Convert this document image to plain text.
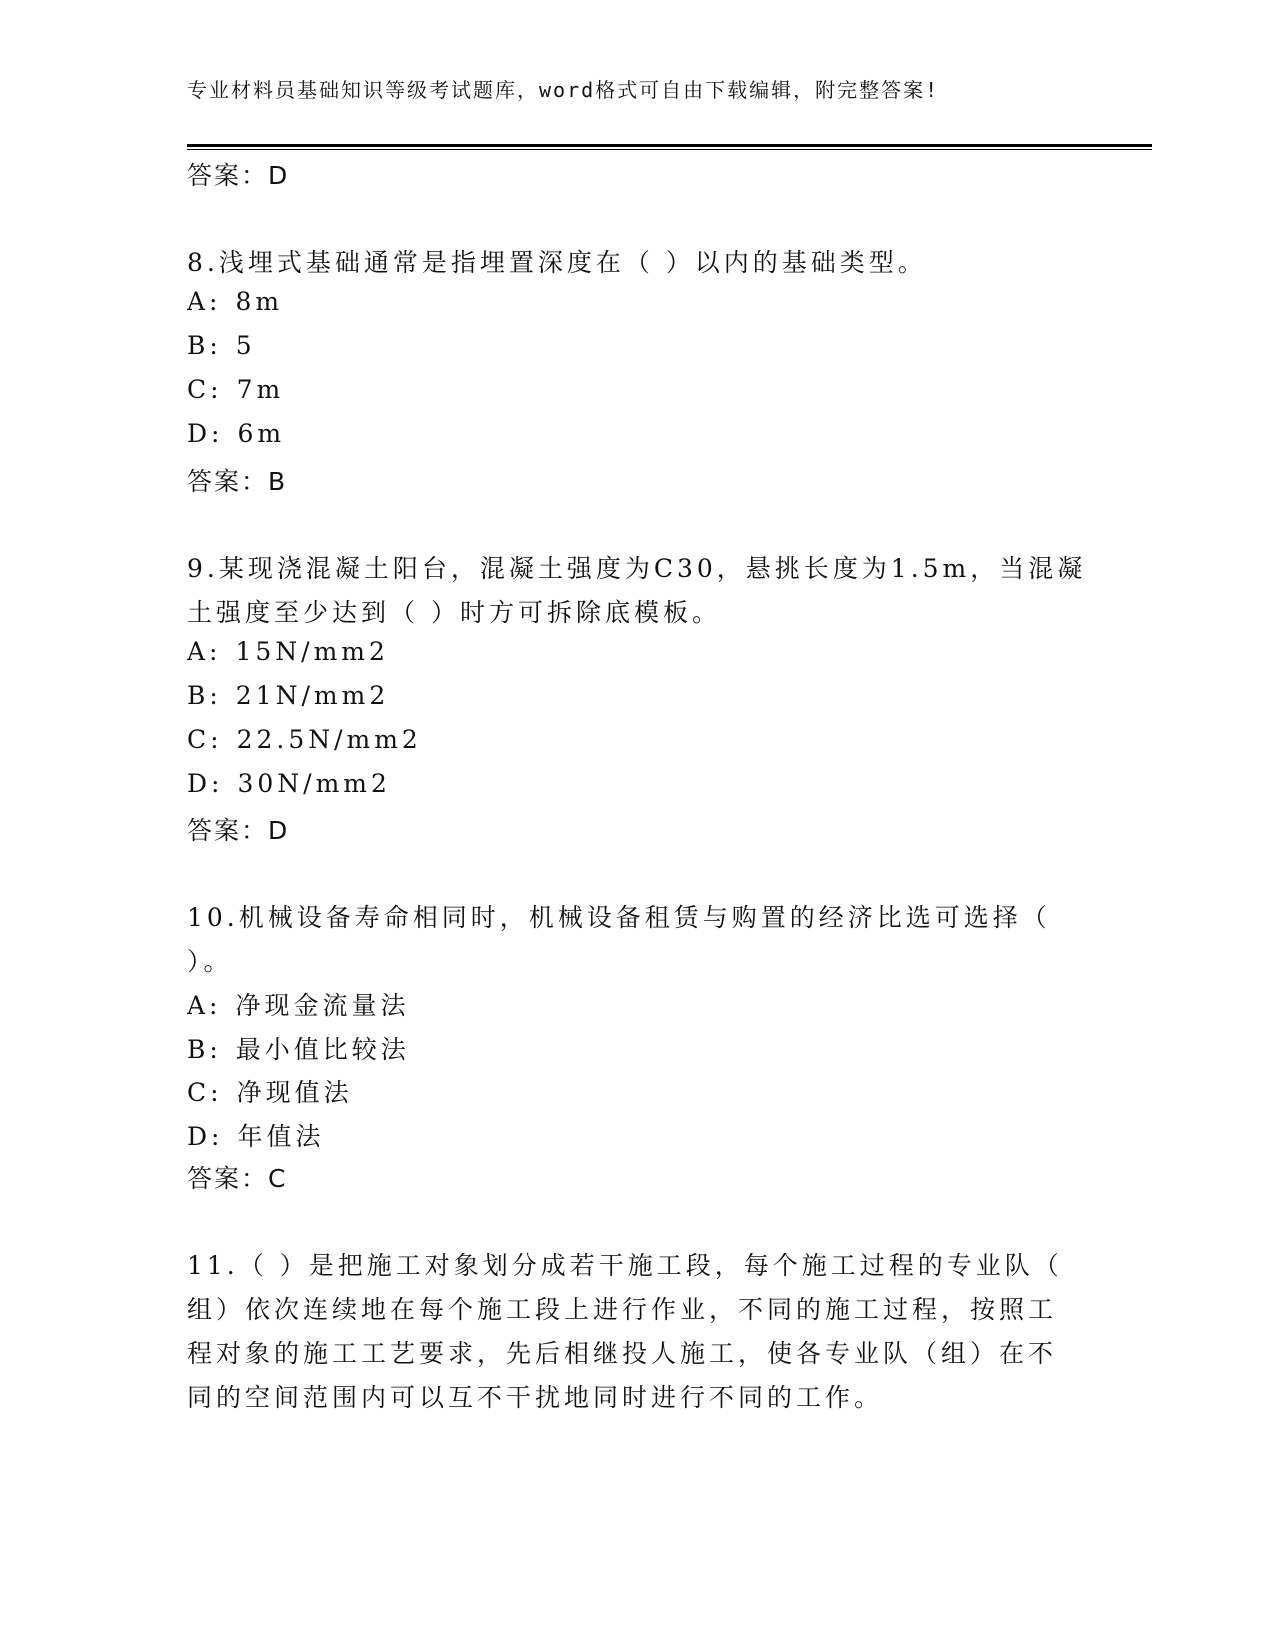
专业材料员基础知识等级考试题库，word格式可自由下载编辑，附完整答案!
答案：D
8.浅埋式基础通常是指埋置深度在（ ）以内的基础类型。
A: 8m
B: 5
C: 7m
D: 6m
答案：B
9.某现浇混凝土阳台，混凝土强度为C30，悬挑长度为1.5m，当混凝
土强度至少达到（ ）时方可拆除底模板。
A: 15N/mm2
B: 21N/mm2
C: 22.5N/mm2
D: 30N/mm2
答案：D
10.机械设备寿命相同时，机械设备租赁与购置的经济比选可选择（
）。
A: 净现金流量法
B: 最小值比较法
C: 净现值法
D: 年值法
答案：C
11.（ ）是把施工对象划分成若干施工段，每个施工过程的专业队（
组）依次连续地在每个施工段上进行作业，不同的施工过程，按照工
程对象的施工工艺要求，先后相继投人施工，使各专业队（组）在不
同的空间范围内可以互不干扰地同时进行不同的工作。
